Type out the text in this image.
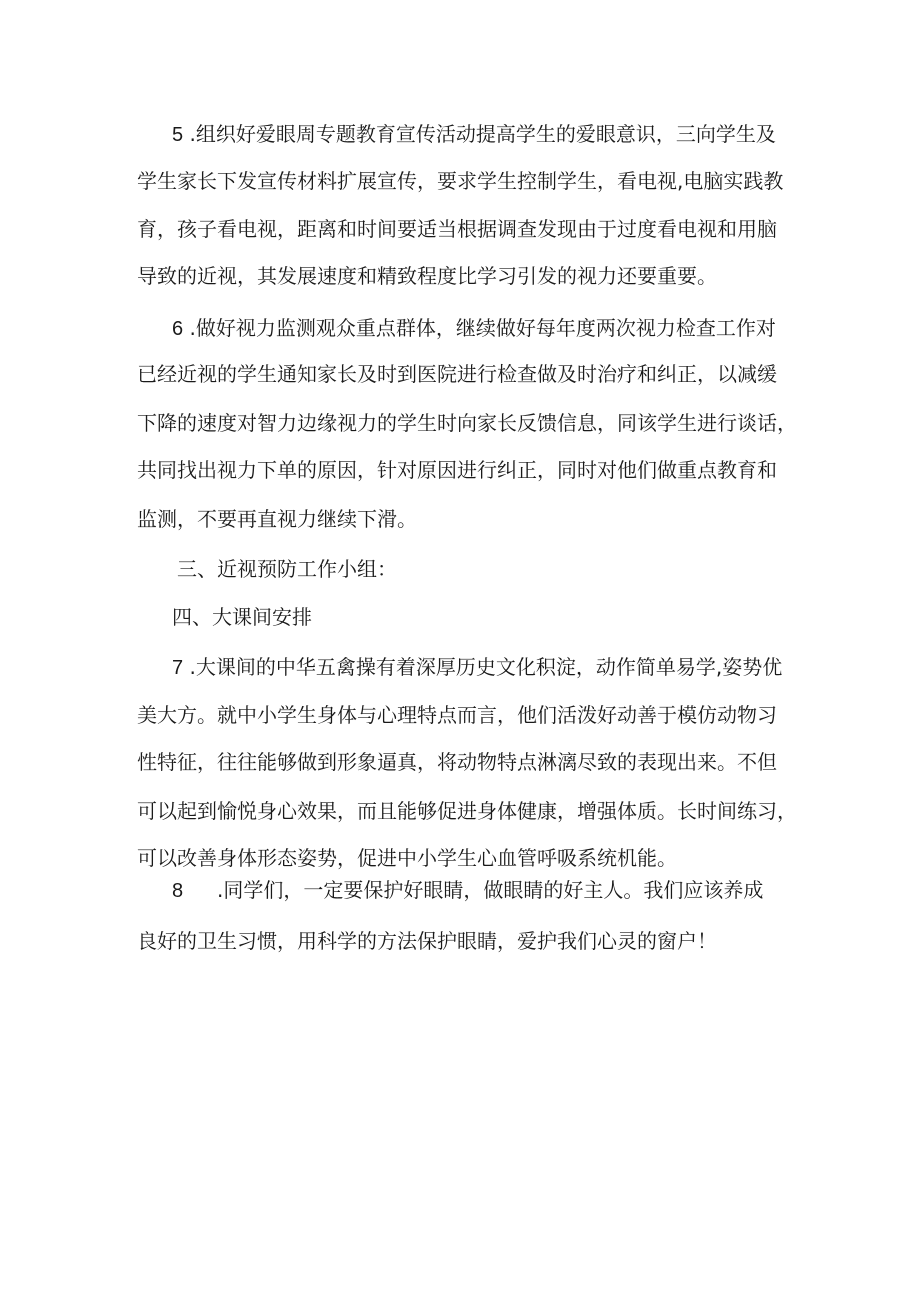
5 .组织好爱眼周专题教育宣传活动提高学生的爱眼意识，三向学生及

学生家长下发宣传材料扩展宣传，要求学生控制学生，看电视,电脑实践教

育，孩子看电视，距离和时间要适当根据调查发现由于过度看电视和用脑

导致的近视，其发展速度和精致程度比学习引发的视力还要重要。

6 .做好视力监测观众重点群体，继续做好每年度两次视力检查工作对

已经近视的学生通知家长及时到医院进行检查做及时治疗和纠正，以减缓

下降的速度对智力边缘视力的学生时向家长反馈信息，同该学生进行谈话，

共同找出视力下单的原因，针对原因进行纠正，同时对他们做重点教育和

监测，不要再直视力继续下滑。

三、近视预防工作小组：

四、大课间安排

7 .大课间的中华五禽操有着深厚历史文化积淀，动作简单易学,姿势优

美大方。就中小学生身体与心理特点而言，他们活泼好动善于模仿动物习

性特征，往往能够做到形象逼真，将动物特点淋漓尽致的表现出来。不但

可以起到愉悦身心效果，而且能够促进身体健康，增强体质。长时间练习，

可以改善身体形态姿势，促进中小学生心血管呼吸系统机能。

8 .同学们，一定要保护好眼睛，做眼睛的好主人。我们应该养成

良好的卫生习惯，用科学的方法保护眼睛，爱护我们心灵的窗户！
